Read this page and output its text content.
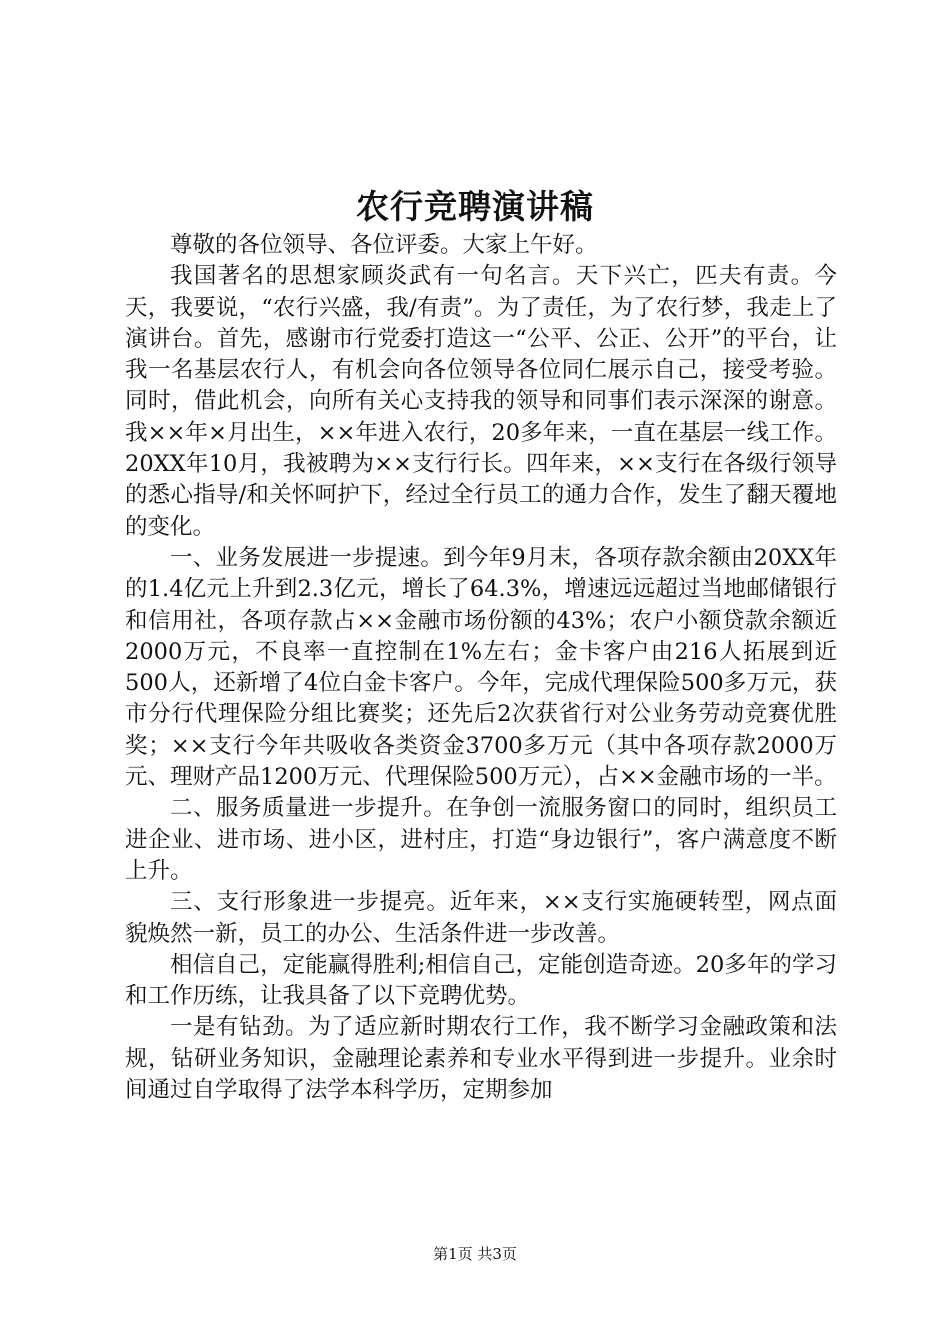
农行竞聘演讲稿

尊敬的各位领导、各位评委。大家上午好。

我国著名的思想家顾炎武有一句名言。天下兴亡，匹夫有责。今天，我要说，“农行兴盛，我/有责”。为了责任，为了农行梦，我走上了演讲台。首先，感谢市行党委打造这一“公平、公正、公开”的平台，让我一名基层农行人，有机会向各位领导各位同仁展示自己，接受考验。同时，借此机会，向所有关心支持我的领导和同事们表示深深的谢意。我××年×月出生，××年进入农行，20多年来，一直在基层一线工作。20XX年10月，我被聘为××支行行长。四年来，××支行在各级行领导的悉心指导/和关怀呵护下，经过全行员工的通力合作，发生了翻天覆地的变化。

一、业务发展进一步提速。到今年9月末，各项存款余额由20XX年的1.4亿元上升到2.3亿元，增长了64.3%，增速远远超过当地邮储银行和信用社，各项存款占××金融市场份额的43%；农户小额贷款余额近2000万元，不良率一直控制在1%左右；金卡客户由216人拓展到近500人，还新增了4位白金卡客户。今年，完成代理保险500多万元，获市分行代理保险分组比赛奖；还先后2次获省行对公业务劳动竞赛优胜奖；××支行今年共吸收各类资金3700多万元（其中各项存款2000万元、理财产品1200万元、代理保险500万元），占××金融市场的一半。

二、服务质量进一步提升。在争创一流服务窗口的同时，组织员工进企业、进市场、进小区，进村庄，打造“身边银行”，客户满意度不断上升。

三、支行形象进一步提亮。近年来，××支行实施硬转型，网点面貌焕然一新，员工的办公、生活条件进一步改善。

相信自己，定能赢得胜利;相信自己，定能创造奇迹。20多年的学习和工作历练，让我具备了以下竞聘优势。

一是有钻劲。为了适应新时期农行工作，我不断学习金融政策和法规，钻研业务知识，金融理论素养和专业水平得到进一步提升。业余时间通过自学取得了法学本科学历，定期参加

第1页 共3页
